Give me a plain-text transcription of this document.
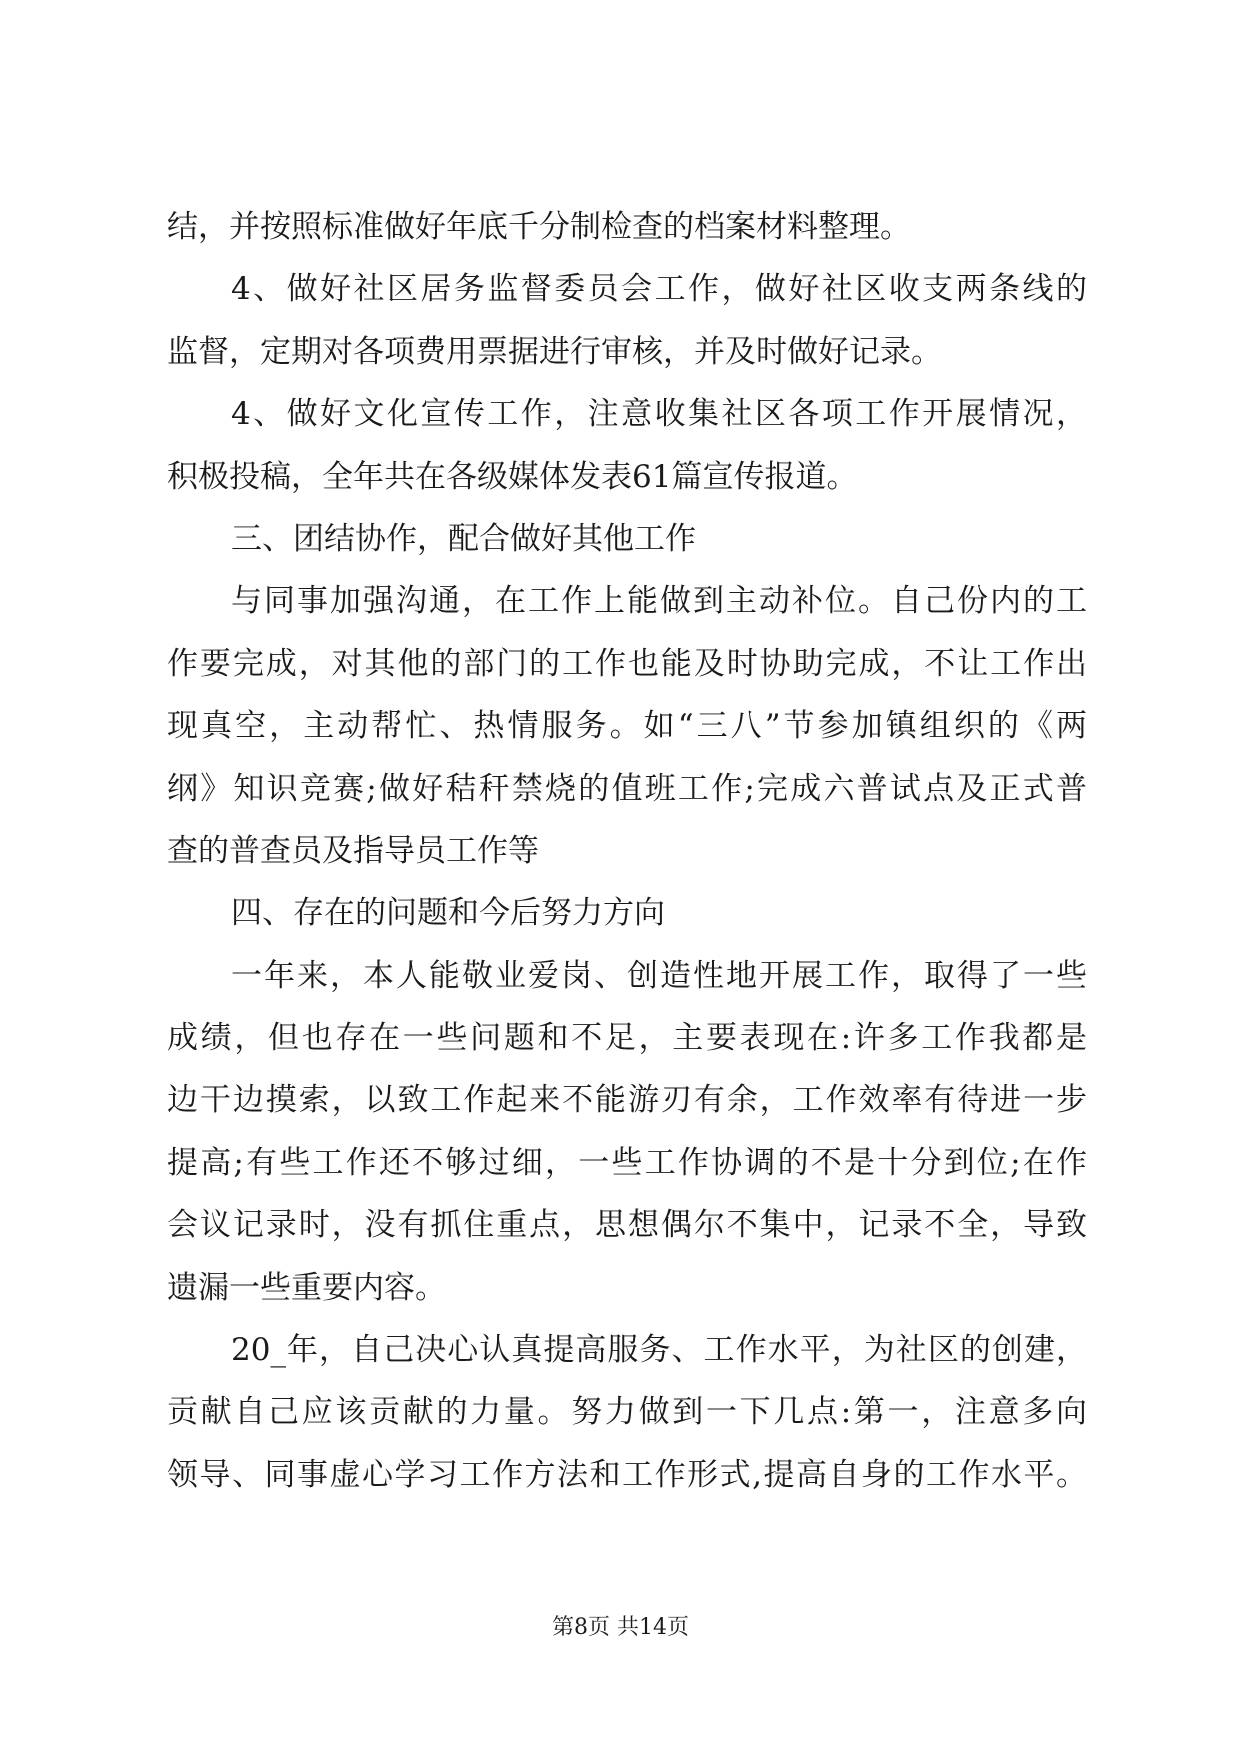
结，并按照标准做好年底千分制检查的档案材料整理。
4、做好社区居务监督委员会工作，做好社区收支两条线的
监督，定期对各项费用票据进行审核，并及时做好记录。
4、做好文化宣传工作，注意收集社区各项工作开展情况，
积极投稿，全年共在各级媒体发表61篇宣传报道。
三、团结协作，配合做好其他工作
与同事加强沟通，在工作上能做到主动补位。自己份内的工
作要完成，对其他的部门的工作也能及时协助完成，不让工作出
现真空，主动帮忙、热情服务。如“三八”节参加镇组织的《两
纲》知识竞赛;做好秸秆禁烧的值班工作;完成六普试点及正式普
查的普查员及指导员工作等
四、存在的问题和今后努力方向
一年来，本人能敬业爱岗、创造性地开展工作，取得了一些
成绩，但也存在一些问题和不足，主要表现在:许多工作我都是
边干边摸索，以致工作起来不能游刃有余，工作效率有待进一步
提高;有些工作还不够过细，一些工作协调的不是十分到位;在作
会议记录时，没有抓住重点，思想偶尔不集中，记录不全，导致
遗漏一些重要内容。
20_年，自己决心认真提高服务、工作水平，为社区的创建，
贡献自己应该贡献的力量。努力做到一下几点:第一，注意多向
领导、同事虚心学习工作方法和工作形式,提高自身的工作水平。
第8页 共14页
